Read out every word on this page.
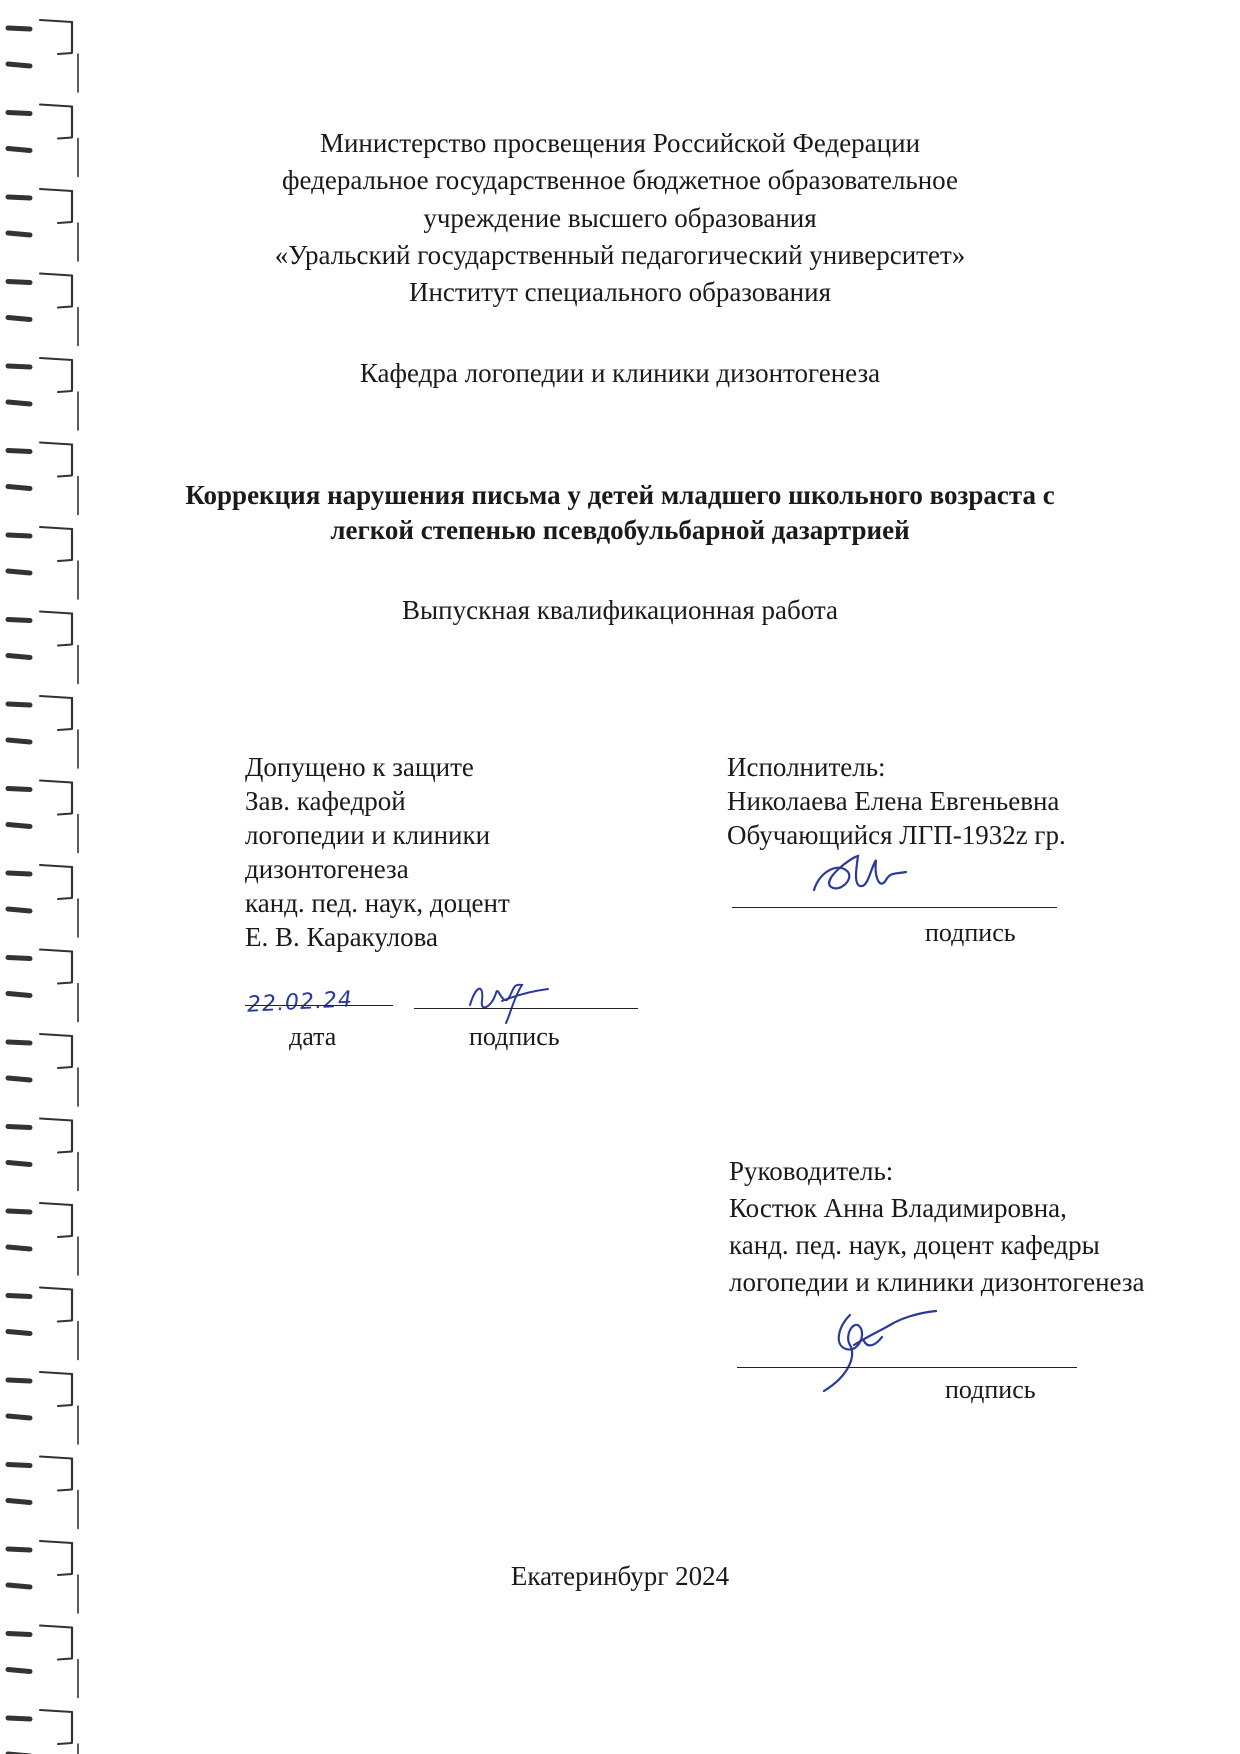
Министерство просвещения Российской Федерации
федеральное государственное бюджетное образовательное
учреждение высшего образования
«Уральский государственный педагогический университет»
Институт специального образования
Кафедра логопедии и клиники дизонтогенеза
Коррекция нарушения письма у детей младшего школьного возраста с
легкой степенью псевдобульбарной дазартрией
Выпускная квалификационная работа
Допущено к защите
Зав. кафедрой
логопедии и клиники
дизонтогенеза
канд. пед. наук, доцент
Е. В. Каракулова
22.02.24
дата	подпись
Исполнитель:
Николаева Елена Евгеньевна
Обучающийся ЛГП-1932z гр.
подпись
Руководитель:
Костюк Анна Владимировна,
канд. пед. наук, доцент кафедры
логопедии и клиники дизонтогенеза
подпись
Екатеринбург 2024
